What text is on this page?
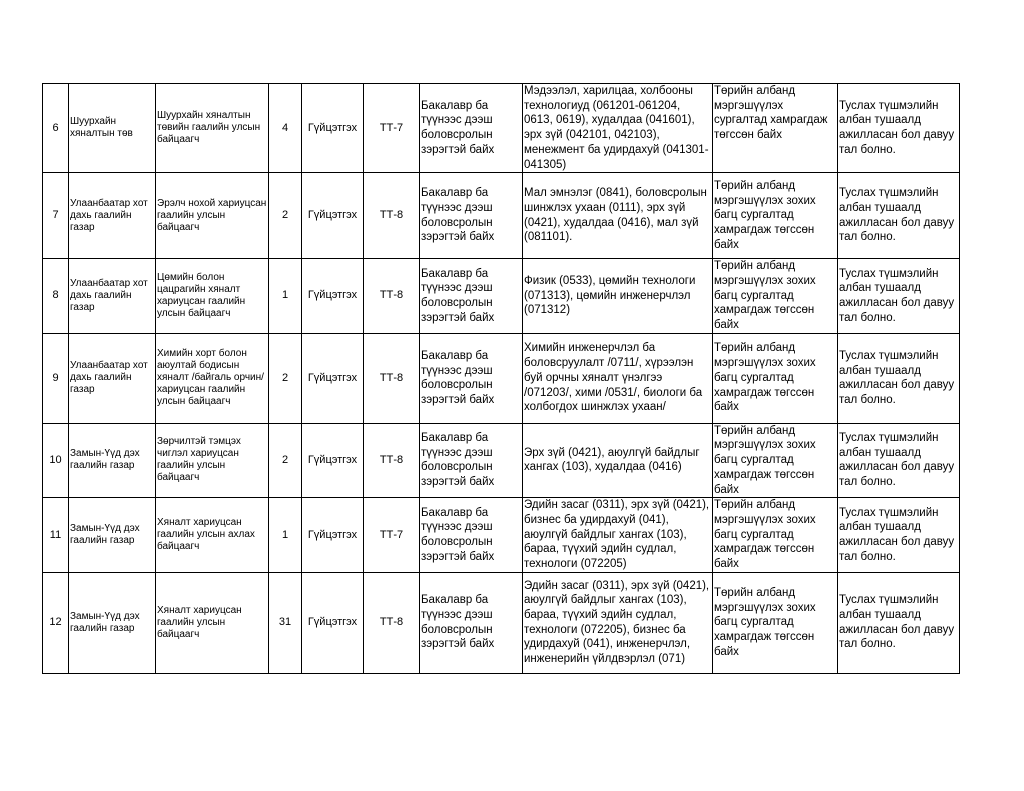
6	Шуурхайн хяналтын төв	Шуурхайн хяналтын төвийн гаалийн улсын байцаагч	4	Гүйцэтгэх	ТТ-7	Бакалавр ба түүнээс дээш боловсролын зэрэгтэй байх	Мэдээлэл, харилцаа, холбооны технологиуд (061201-061204, 0613, 0619), худалдаа (041601), эрх зүй (042101, 042103), менежмент ба удирдахуй (041301-041305)	Төрийн албанд мэргэшүүлэх сургалтад хамрагдаж төгссөн байх	Туслах түшмэлийн албан тушаалд ажилласан бол давуу тал болно.
7	Улаанбаатар хот дахь гаалийн газар	Эрэлч нохой хариуцсан гаалийн улсын байцаагч	2	Гүйцэтгэх	ТТ-8	Бакалавр ба түүнээс дээш боловсролын зэрэгтэй байх	Мал эмнэлэг (0841), боловсролын шинжлэх ухаан (0111), эрх зүй (0421), худалдаа (0416), мал зүй (081101).	Төрийн албанд мэргэшүүлэх зохих багц сургалтад хамрагдаж төгссөн байх	Туслах түшмэлийн албан тушаалд ажилласан бол давуу тал болно.
8	Улаанбаатар хот дахь гаалийн газар	Цөмийн болон цацрагийн хяналт хариуцсан гаалийн улсын байцаагч	1	Гүйцэтгэх	ТТ-8	Бакалавр ба түүнээс дээш боловсролын зэрэгтэй байх	Физик (0533), цөмийн технологи (071313), цөмийн инженерчлэл (071312)	Төрийн албанд мэргэшүүлэх зохих багц сургалтад хамрагдаж төгссөн байх	Туслах түшмэлийн албан тушаалд ажилласан бол давуу тал болно.
9	Улаанбаатар хот дахь гаалийн газар	Химийн хорт болон аюултай бодисын хяналт /байгаль орчин/ хариуцсан гаалийн улсын байцаагч	2	Гүйцэтгэх	ТТ-8	Бакалавр ба түүнээс дээш боловсролын зэрэгтэй байх	Химийн инженерчлэл ба боловсруулалт /0711/, хүрээлэн буй орчны хяналт үнэлгээ /071203/, хими /0531/, биологи ба холбогдох шинжлэх ухаан/	Төрийн албанд мэргэшүүлэх зохих багц сургалтад хамрагдаж төгссөн байх	Туслах түшмэлийн албан тушаалд ажилласан бол давуу тал болно.
10	Замын-Үүд дэх гаалийн газар	Зөрчилтэй тэмцэх чиглэл хариуцсан гаалийн улсын байцаагч	2	Гүйцэтгэх	ТТ-8	Бакалавр ба түүнээс дээш боловсролын зэрэгтэй байх	Эрх зүй (0421), аюулгүй байдлыг хангах (103), худалдаа (0416)	Төрийн албанд мэргэшүүлэх зохих багц сургалтад хамрагдаж төгссөн байх	Туслах түшмэлийн албан тушаалд ажилласан бол давуу тал болно.
11	Замын-Үүд дэх гаалийн газар	Хяналт хариуцсан гаалийн улсын ахлах байцаагч	1	Гүйцэтгэх	ТТ-7	Бакалавр ба түүнээс дээш боловсролын зэрэгтэй байх	Эдийн засаг (0311), эрх зүй (0421), бизнес ба удирдахуй (041), аюулгүй байдлыг хангах (103), бараа, түүхий эдийн судлал, технологи (072205)	Төрийн албанд мэргэшүүлэх зохих багц сургалтад хамрагдаж төгссөн байх	Туслах түшмэлийн албан тушаалд ажилласан бол давуу тал болно.
12	Замын-Үүд дэх гаалийн газар	Хяналт хариуцсан гаалийн улсын байцаагч	31	Гүйцэтгэх	ТТ-8	Бакалавр ба түүнээс дээш боловсролын зэрэгтэй байх	Эдийн засаг (0311), эрх зүй (0421), аюулгүй байдлыг хангах (103), бараа, түүхий эдийн судлал, технологи (072205), бизнес ба удирдахуй (041), инженерчлэл, инженерийн үйлдвэрлэл (071)	Төрийн албанд мэргэшүүлэх зохих багц сургалтад хамрагдаж төгссөн байх	Туслах түшмэлийн албан тушаалд ажилласан бол давуу тал болно.
